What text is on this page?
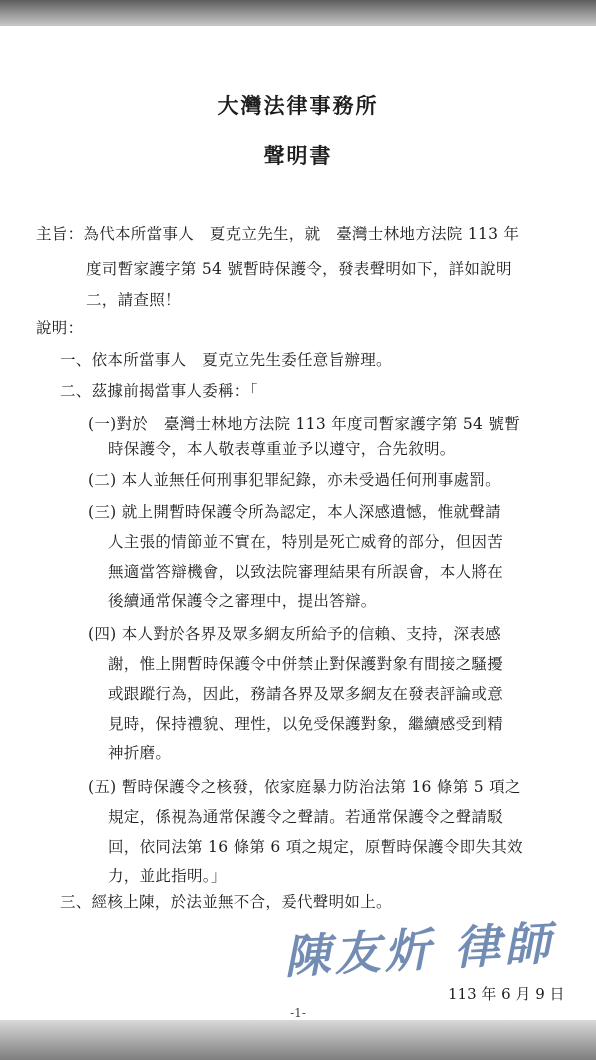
大灣法律事務所
聲明書
主旨：為代本所當事人　夏克立先生，就　臺灣士林地方法院 113 年
度司暫家護字第 54 號暫時保護令，發表聲明如下，詳如說明
二，請查照！
說明：
一、依本所當事人　夏克立先生委任意旨辦理。
二、茲據前揭當事人委稱：「
(一)對於　臺灣士林地方法院 113 年度司暫家護字第 54 號暫
時保護令，本人敬表尊重並予以遵守，合先敘明。
(二) 本人並無任何刑事犯罪紀錄，亦未受過任何刑事處罰。
(三) 就上開暫時保護令所為認定，本人深感遺憾，惟就聲請
人主張的情節並不實在，特別是死亡威脅的部分，但因苦
無適當答辯機會，以致法院審理結果有所誤會，本人將在
後續通常保護令之審理中，提出答辯。
(四) 本人對於各界及眾多網友所給予的信賴、支持，深表感
謝，惟上開暫時保護令中併禁止對保護對象有間接之騷擾
或跟蹤行為，因此，務請各界及眾多網友在發表評論或意
見時，保持禮貌、理性，以免受保護對象，繼續感受到精
神折磨。
(五) 暫時保護令之核發，依家庭暴力防治法第 16 條第 5 項之
規定，係視為通常保護令之聲請。若通常保護令之聲請駁
回，依同法第 16 條第 6 項之規定，原暫時保護令即失其效
力，並此指明。」
三、經核上陳，於法並無不合，爰代聲明如上。
陳友炘 律師
113 年 6 月 9 日
-1-
